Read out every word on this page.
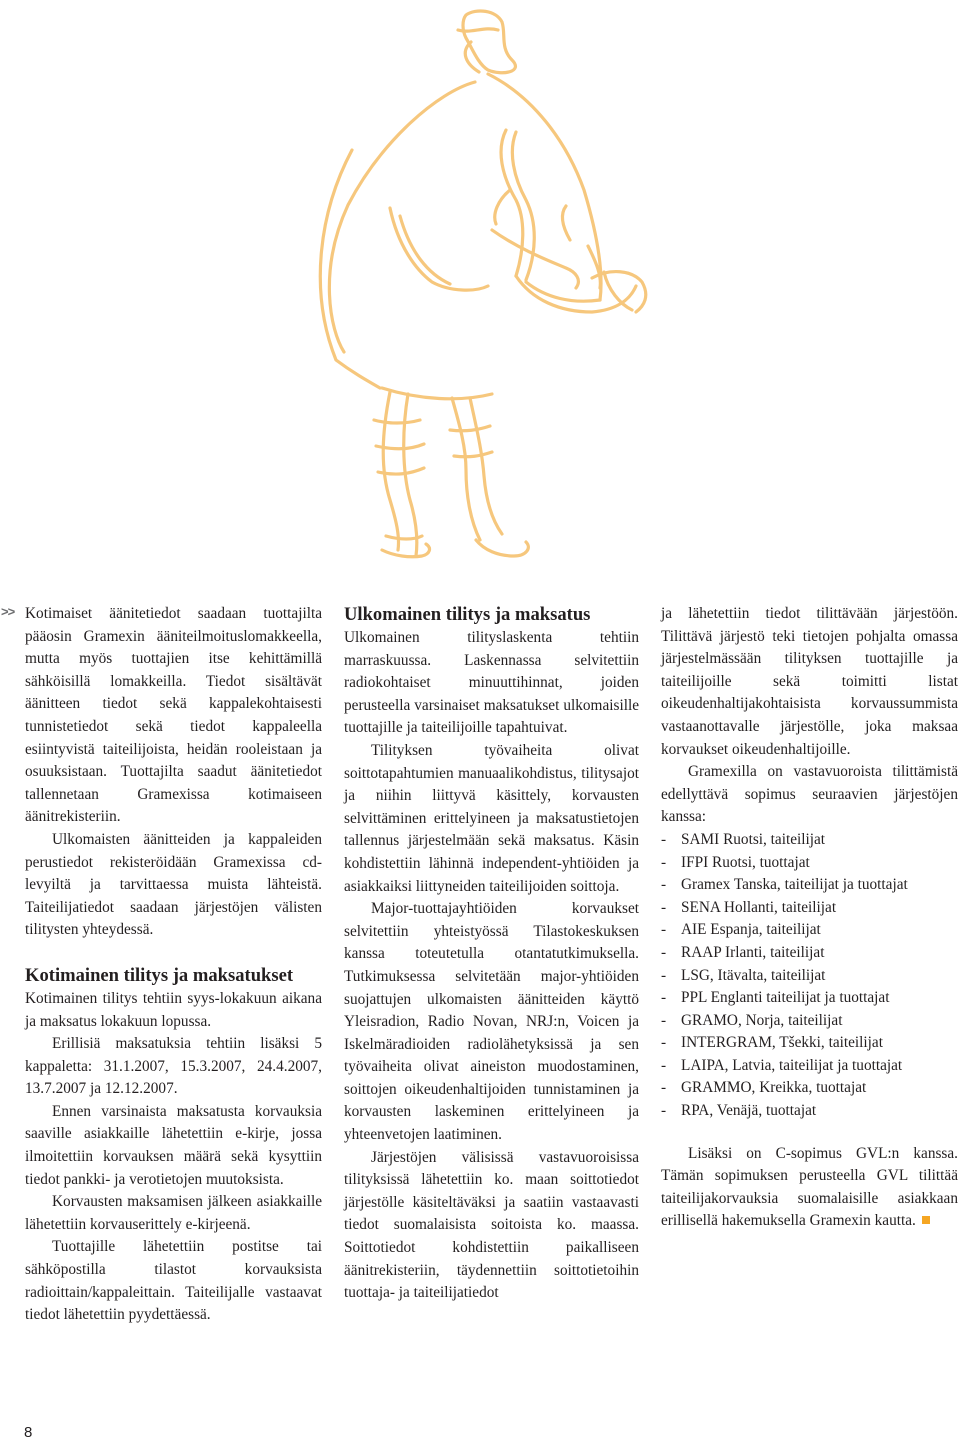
>> Kotimaiset äänitetiedot saadaan tuottajilta pääosin Gramexin ääniteilmoituslomakkeella, mutta myös tuottajien itse kehittämillä sähköisillä lomakkeilla. Tiedot sisältävät äänitteen tiedot sekä kappalekohtaisesti tunnistetiedot sekä tiedot kappaleella esiintyvistä taiteilijoista, heidän rooleistaan ja osuuksistaan. Tuottajilta saadut äänitetiedot tallennetaan Gramexissa kotimaiseen äänitrekisteriin.

Ulkomaisten äänitteiden ja kappaleiden perustiedot rekisteröidään Gramexissa cd-levyiltä ja tarvittaessa muista lähteistä. Taiteilijatiedot saadaan järjestöjen välisten tilitysten yhteydessä.

Kotimainen tilitys ja maksatukset

Kotimainen tilitys tehtiin syys-lokakuun aikana ja maksatus lokakuun lopussa.

Erillisiä maksatuksia tehtiin lisäksi 5 kappaletta: 31.1.2007, 15.3.2007, 24.4.2007, 13.7.2007 ja 12.12.2007.

Ennen varsinaista maksatusta korvauksia saaville asiakkaille lähetettiin e-kirje, jossa ilmoitettiin korvauksen määrä sekä kysyttiin tiedot pankki- ja verotietojen muutoksista.

Korvausten maksamisen jälkeen asiakkaille lähetettiin korvauserittely e-kirjeenä.

Tuottajille lähetettiin postitse tai sähköpostilla tilastot korvauksista radioittain/kappaleittain. Taiteilijalle vastaavat tiedot lähetettiin pyydettäessä.

Ulkomainen tilitys ja maksatus

Ulkomainen tilityslaskenta tehtiin marraskuussa. Laskennassa selvitettiin radiokohtaiset minuuttihinnat, joiden perusteella varsinaiset maksatukset ulkomaisille tuottajille ja taiteilijoille tapahtuivat.

Tilityksen työvaiheita olivat soittotapahtumien manuaalikohdistus, tilitysajot ja niihin liittyvä käsittely, korvausten selvittäminen erittelyineen ja maksatustietojen tallennus järjestelmään sekä maksatus. Käsin kohdistettiin lähinnä independent-yhtiöiden ja asiakkaiksi liittyneiden taiteilijoiden soittoja.

Major-tuottajayhtiöiden korvaukset selvitettiin yhteistyössä Tilastokeskuksen kanssa toteutetulla otantatutkimuksella. Tutkimuksessa selvitetään major-yhtiöiden suojattujen ulkomaisten äänitteiden käyttö Yleisradion, Radio Novan, NRJ:n, Voicen ja Iskelmäradioiden radiolähetyksissä ja sen työvaiheita olivat aineiston muodostaminen, soittojen oikeudenhaltijoiden tunnistaminen ja korvausten laskeminen erittelyineen ja yhteenvetojen laatiminen.

Järjestöjen välisissä vastavuoroisissa tilityksissä lähetettiin ko. maan soittotiedot järjestölle käsiteltäväksi ja saatiin vastaavasti tiedot suomalaisista soitoista ko. maassa. Soittotiedot kohdistettiin paikalliseen äänitrekisteriin, täydennettiin soittotietoihin tuottaja- ja taiteilijatiedot

ja lähetettiin tiedot tilittävään järjestöön. Tilittävä järjestö teki tietojen pohjalta omassa järjestelmässään tilityksen tuottajille ja taiteilijoille sekä toimitti listat oikeudenhaltijakohtaisista korvaussummista vastaanottavalle järjestölle, joka maksaa korvaukset oikeudenhaltijoille.

Gramexilla on vastavuoroista tilittämistä edellyttävä sopimus seuraavien järjestöjen kanssa:

- SAMI Ruotsi, taiteilijat
- IFPI Ruotsi, tuottajat
- Gramex Tanska, taiteilijat ja tuottajat
- SENA Hollanti, taiteilijat
- AIE Espanja, taiteilijat
- RAAP Irlanti, taiteilijat
- LSG, Itävalta, taiteilijat
- PPL Englanti taiteilijat ja tuottajat
- GRAMO, Norja, taiteilijat
- INTERGRAM, Tšekki, taiteilijat
- LAIPA, Latvia, taiteilijat ja tuottajat
- GRAMMO, Kreikka, tuottajat
- RPA, Venäjä, tuottajat

Lisäksi on C-sopimus GVL:n kanssa. Tämän sopimuksen perusteella GVL tilittää taiteilijakorvauksia suomalaisille asiakkaan erillisellä hakemuksella Gramexin kautta.

8
